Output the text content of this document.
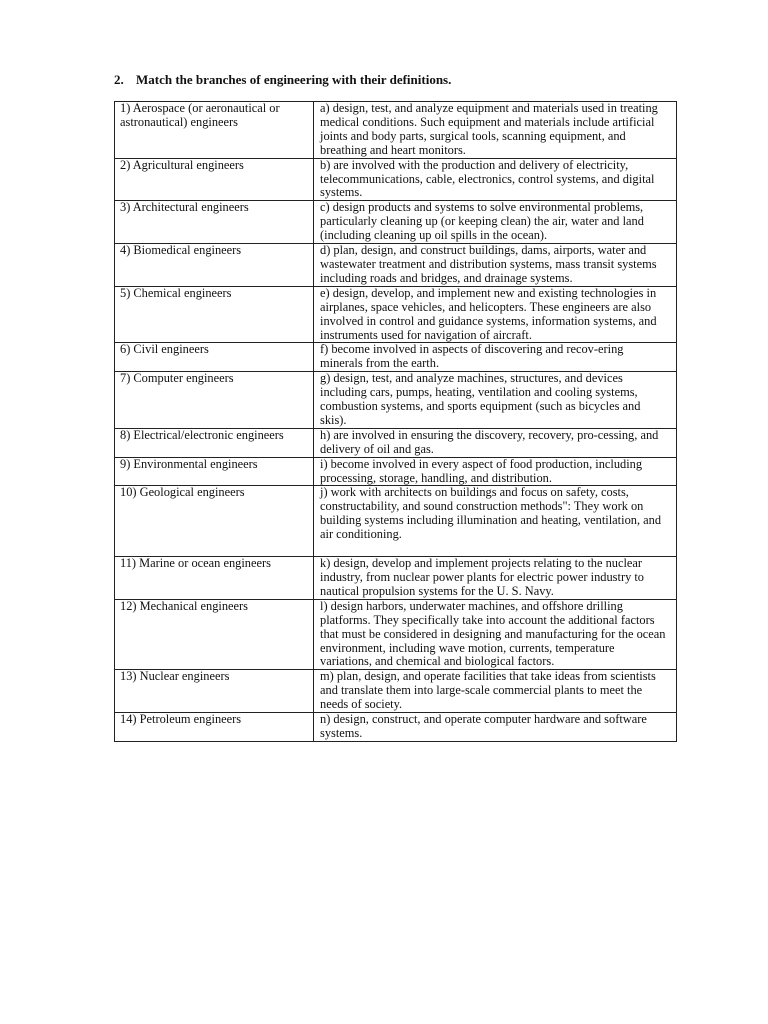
2. Match the branches of engineering with their definitions.
1) Aerospace (or aeronautical or astronautical) engineers	a) design, test, and analyze equipment and materials used in treating medical conditions. Such equipment and materials include artificial joints and body parts, surgical tools, scanning equipment, and breathing and heart monitors.
2) Agricultural engineers	b) are involved with the production and delivery of electricity, telecommunications, cable, electronics, control systems, and digital systems.
3) Architectural engineers	c) design products and systems to solve environmental problems, particularly cleaning up (or keeping clean) the air, water and land (including cleaning up oil spills in the ocean).
4) Biomedical engineers	d) plan, design, and construct buildings, dams, airports, water and wastewater treatment and distribution systems, mass transit systems including roads and bridges, and drainage systems.
5) Chemical engineers	e) design, develop, and implement new and existing technologies in airplanes, space vehicles, and helicopters. These engineers are also involved in control and guidance systems, information systems, and instruments used for navigation of aircraft.
6) Civil engineers	f) become involved in aspects of discovering and recov-ering minerals from the earth.
7) Computer engineers	g) design, test, and analyze machines, structures, and devices including cars, pumps, heating, ventilation and cooling systems, combustion systems, and sports equipment (such as bicycles and skis).
8) Electrical/electronic engineers	h) are involved in ensuring the discovery, recovery, pro-cessing, and delivery of oil and gas.
9) Environmental engineers	i) become involved in every aspect of food production, including processing, storage, handling, and distribution.
10) Geological engineers	j) work with architects on buildings and focus on safety, costs, constructability, and sound construction methods": They work on building systems including illumination and heating, ventilation, and air conditioning.
11) Marine or ocean engineers	k) design, develop and implement projects relating to the nuclear industry, from nuclear power plants for electric power industry to nautical propulsion systems for the U. S. Navy.
12) Mechanical engineers	l) design harbors, underwater machines, and offshore drilling platforms. They specifically take into account the additional factors that must be considered in designing and manufacturing for the ocean environment, including wave motion, currents, temperature variations, and chemical and biological factors.
13) Nuclear engineers	m) plan, design, and operate facilities that take ideas from scientists and translate them into large-scale commercial plants to meet the needs of society.
14) Petroleum engineers	n) design, construct, and operate computer hardware and software systems.
